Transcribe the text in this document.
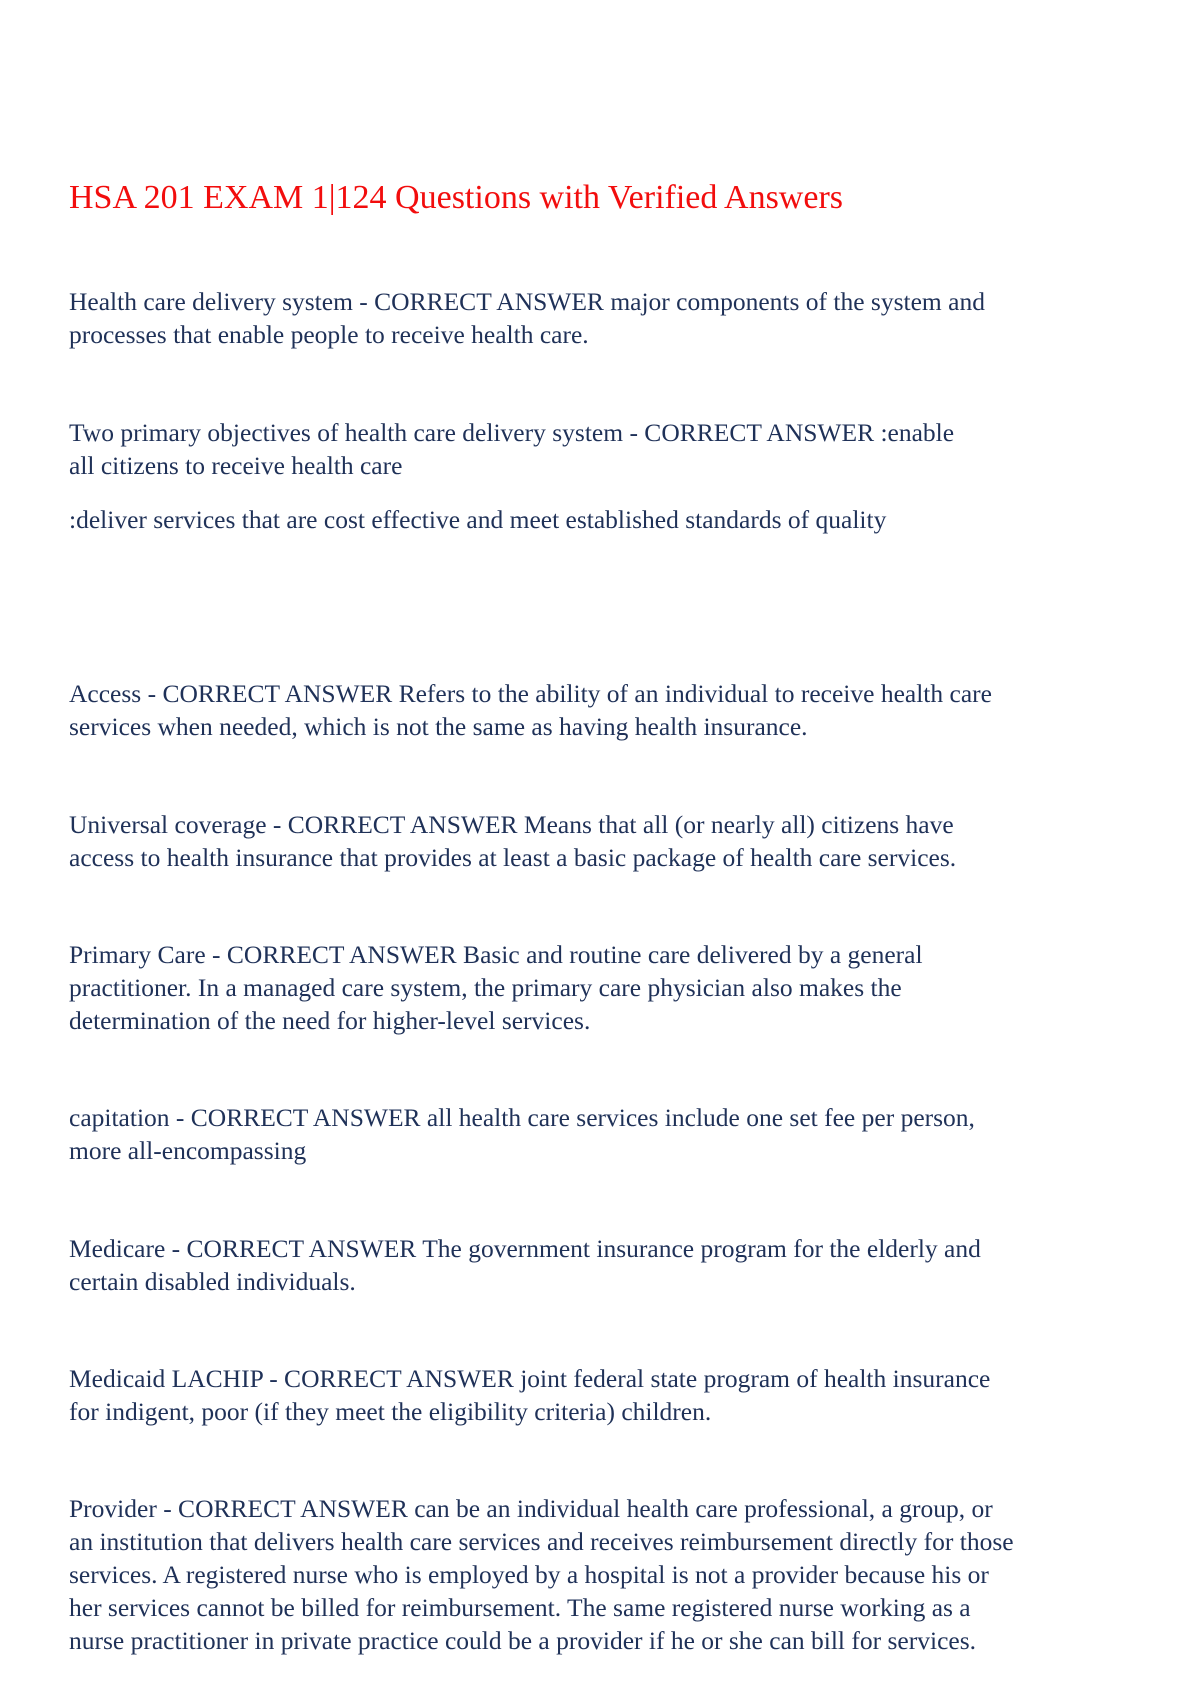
HSA 201 EXAM 1|124 Questions with Verified Answers
Health care delivery system - CORRECT ANSWER major components of the system and
processes that enable people to receive health care.
Two primary objectives of health care delivery system - CORRECT ANSWER :enable
all citizens to receive health care
:deliver services that are cost effective and meet established standards of quality
Access - CORRECT ANSWER Refers to the ability of an individual to receive health care
services when needed, which is not the same as having health insurance.
Universal coverage - CORRECT ANSWER Means that all (or nearly all) citizens have
access to health insurance that provides at least a basic package of health care services.
Primary Care - CORRECT ANSWER Basic and routine care delivered by a general
practitioner. In a managed care system, the primary care physician also makes the
determination of the need for higher-level services.
capitation - CORRECT ANSWER all health care services include one set fee per person,
more all-encompassing
Medicare - CORRECT ANSWER The government insurance program for the elderly and
certain disabled individuals.
Medicaid LACHIP - CORRECT ANSWER joint federal state program of health insurance
for indigent, poor (if they meet the eligibility criteria) children.
Provider - CORRECT ANSWER can be an individual health care professional, a group, or
an institution that delivers health care services and receives reimbursement directly for those
services. A registered nurse who is employed by a hospital is not a provider because his or
her services cannot be billed for reimbursement. The same registered nurse working as a
nurse practitioner in private practice could be a provider if he or she can bill for services.
